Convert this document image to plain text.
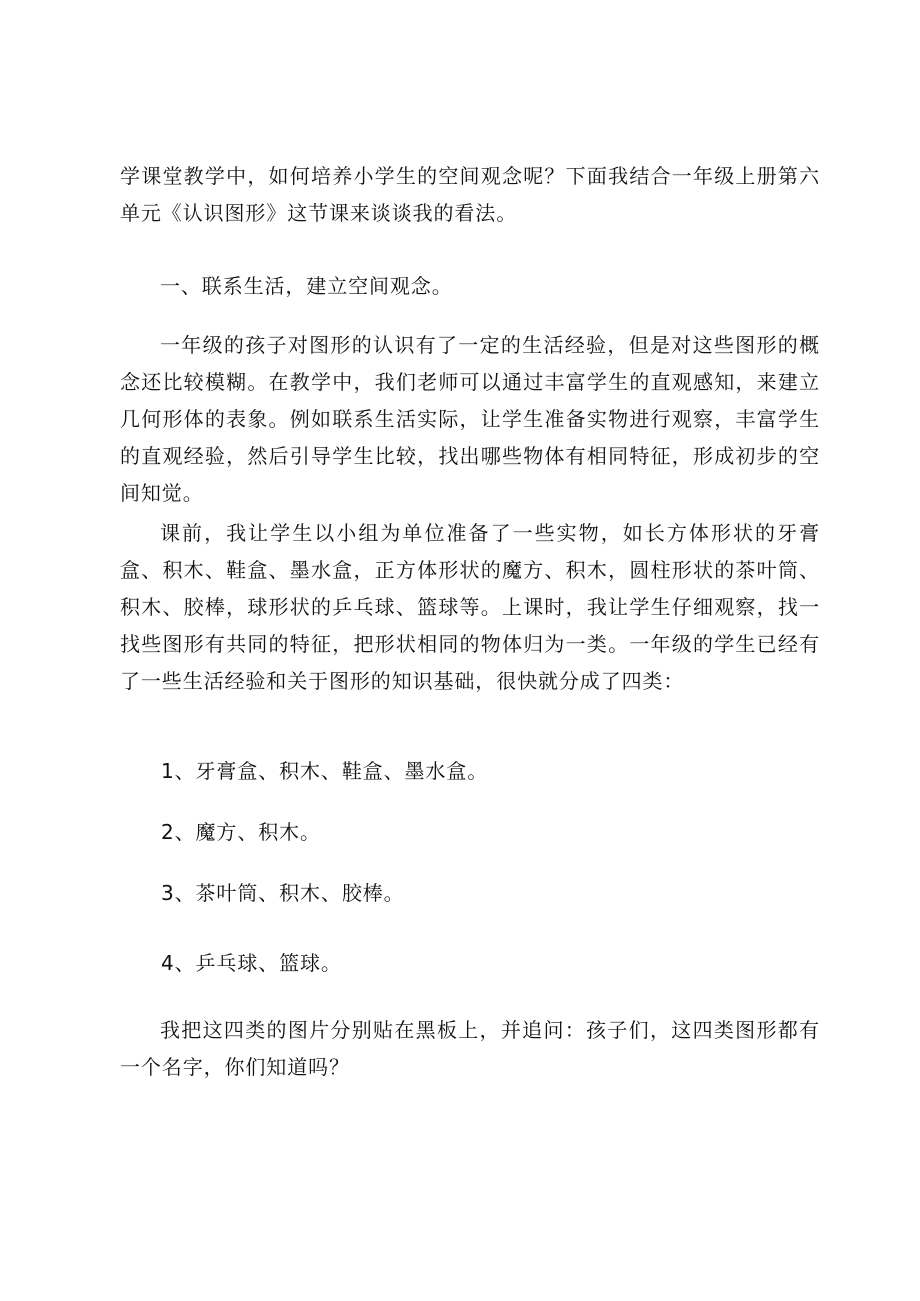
学课堂教学中，如何培养小学生的空间观念呢？下面我结合一年级上册第六单元《认识图形》这节课来谈谈我的看法。

一、联系生活，建立空间观念。

一年级的孩子对图形的认识有了一定的生活经验，但是对这些图形的概念还比较模糊。在教学中，我们老师可以通过丰富学生的直观感知，来建立几何形体的表象。例如联系生活实际，让学生准备实物进行观察，丰富学生的直观经验，然后引导学生比较，找出哪些物体有相同特征，形成初步的空间知觉。

课前，我让学生以小组为单位准备了一些实物，如长方体形状的牙膏盒、积木、鞋盒、墨水盒，正方体形状的魔方、积木，圆柱形状的茶叶筒、积木、胶棒，球形状的乒乓球、篮球等。上课时，我让学生仔细观察，找一找些图形有共同的特征，把形状相同的物体归为一类。一年级的学生已经有了一些生活经验和关于图形的知识基础，很快就分成了四类：

1、牙膏盒、积木、鞋盒、墨水盒。

2、魔方、积木。

3、茶叶筒、积木、胶棒。

4、乒乓球、篮球。

我把这四类的图片分别贴在黑板上，并追问：孩子们，这四类图形都有一个名字，你们知道吗？
